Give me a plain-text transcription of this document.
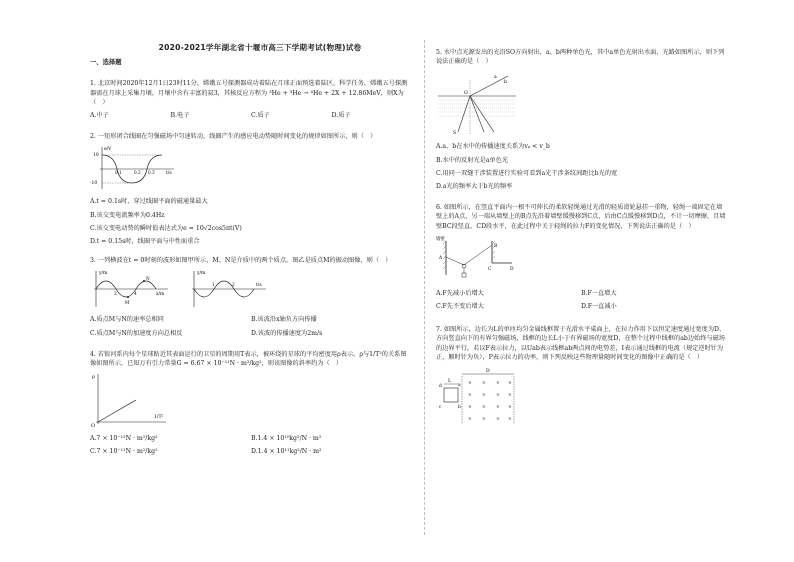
2020-2021学年湖北省十堰市高三下学期考试(物理)试卷
一、选择题

1. 北京时间2020年12月1日23时11分，嫦娥五号探测器成功着陆在月球正面预选着陆区，科学任务，嫦娥五号探测器需在月球上采集月壤，月壤中含有丰富的氦3，其核反应方程为 ³He + ³He → ⁴He + 2X + 12.86MeV，则X为（　）

A.中子	B.电子	C.质子	D.质子

2. 一矩形闭合线圈在匀强磁场中匀速转动，线圈产生的感应电动势随时间变化的规律如图所示，则（　）

e/V
10
-10
0.1	0.2 0.3	t/s
A.t = 0.1s时，穿过线圈平面的磁通量最大
B.该交变电流频率为0.4Hz
C.该交变电动势的瞬时值表达式为e = 10√2cos5πt(V)
D.t = 0.15s时，线圈平面与中性面重合

3. 一列横波在t = 0时刻的波形如图甲所示，M、N是介质中的两个质点，图乙是质点M的振动图像，则（　）

y/m
2	4
M
N
x/m
y/m
1	2	t/s
A.质点M与N的速率总相同	B.该波沿x轴负方向传播
C.质点M与N的加速度方向总相反	D.该波的传播速度为2m/s

4. 若银河系内每个星球贴近其表面运行的卫星的周期用T表示，被环绕的星球的平均密度用ρ表示。ρ与1/T²的关系图像如图所示，已知万有引力常量G = 6.67 × 10⁻¹¹N · m²/kg²，则该图像的斜率约为（　）

ρ
O
1/T²
A.7 × 10⁻¹²N · m²/kg²	B.1.4 × 10¹⁰kg²/N · m²
C.7 × 10⁻¹¹N · m²/kg²	D.1.4 × 10¹¹kg²/N · m²

5. 水中点光源发出的光沿SO方向射出，a、b两种单色光，其中a单色光射出水面，光路如图所示，则下列说法正确的是（　）

a
b
O
S
A.a、b在水中的传播速度关系为vₐ < v_b
B.水中的反射光是a单色光
C.用同一双缝干涉装置进行实验可看到a光干涉条纹间距比b光的宽
D.a光的频率大于b光的频率

6. 如图所示，在竖直平面内一根不可伸长的柔软轻绳通过光滑的轻质滑轮悬挂一重物，轻绳一端固定在墙壁上的A点，另一端从墙壁上的B点先沿着墙壁缓慢移到C点，后由C点缓慢移到D点，不计一切摩擦，且墙壁BC段竖直，CD段水平，在此过程中关于轻绳的拉力F的变化情况，下列说法正确的是（　）

墙壁
A
B
C	D
A.F先减小后增大	B.F一直增大
C.F先不变后增大	D.F一直减小

7. 如图所示，边长为L的单匝均匀金属线框置于光滑水平桌面上，在拉力作用下以恒定速度通过宽度为D、方向竖直向下的有界匀强磁场，线框的边长L小于有界磁场的宽度D，在整个过程中线框的ab边始终与磁场的边界平行，若以F表示拉力，以Uab表示线框ab两点间的电势差，I表示通过线框的电流（规定逆时针为正，顺时针为负），P表示拉力的功率，则下列反映这些物理量随时间变化的图像中正确的是（　）

D
L
a
b
c
d
× × × ×
× × × ×
× × × ×
× × × ×
